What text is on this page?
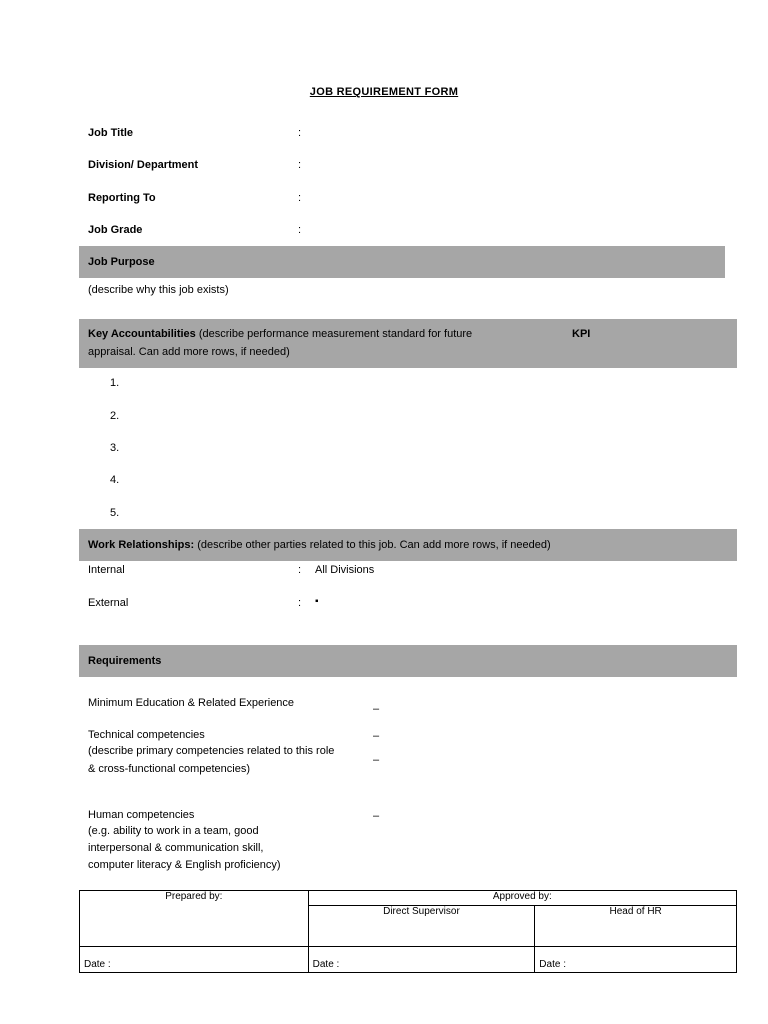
JOB REQUIREMENT FORM
Job Title	:
Division/ Department	:
Reporting To	:
Job Grade	:
Job Purpose
(describe why this job exists)
Key Accountabilities (describe performance measurement standard for future
appraisal. Can add more rows, if needed)
KPI
1.
2.
3.
4.
5.
Work Relationships: (describe other parties related to this job. Can add more rows, if needed)
Internal	: All Divisions
External	: ▪
Requirements
Minimum Education & Related Experience	–
Technical competencies
(describe primary competencies related to this role
& cross-functional competencies)
–
–
Human competencies
(e.g. ability to work in a team, good
interpersonal & communication skill,
computer literacy & English proficiency)
–
Prepared by:	Approved by:	
	Direct Supervisor	Head of HR
Date :	Date :	Date :
